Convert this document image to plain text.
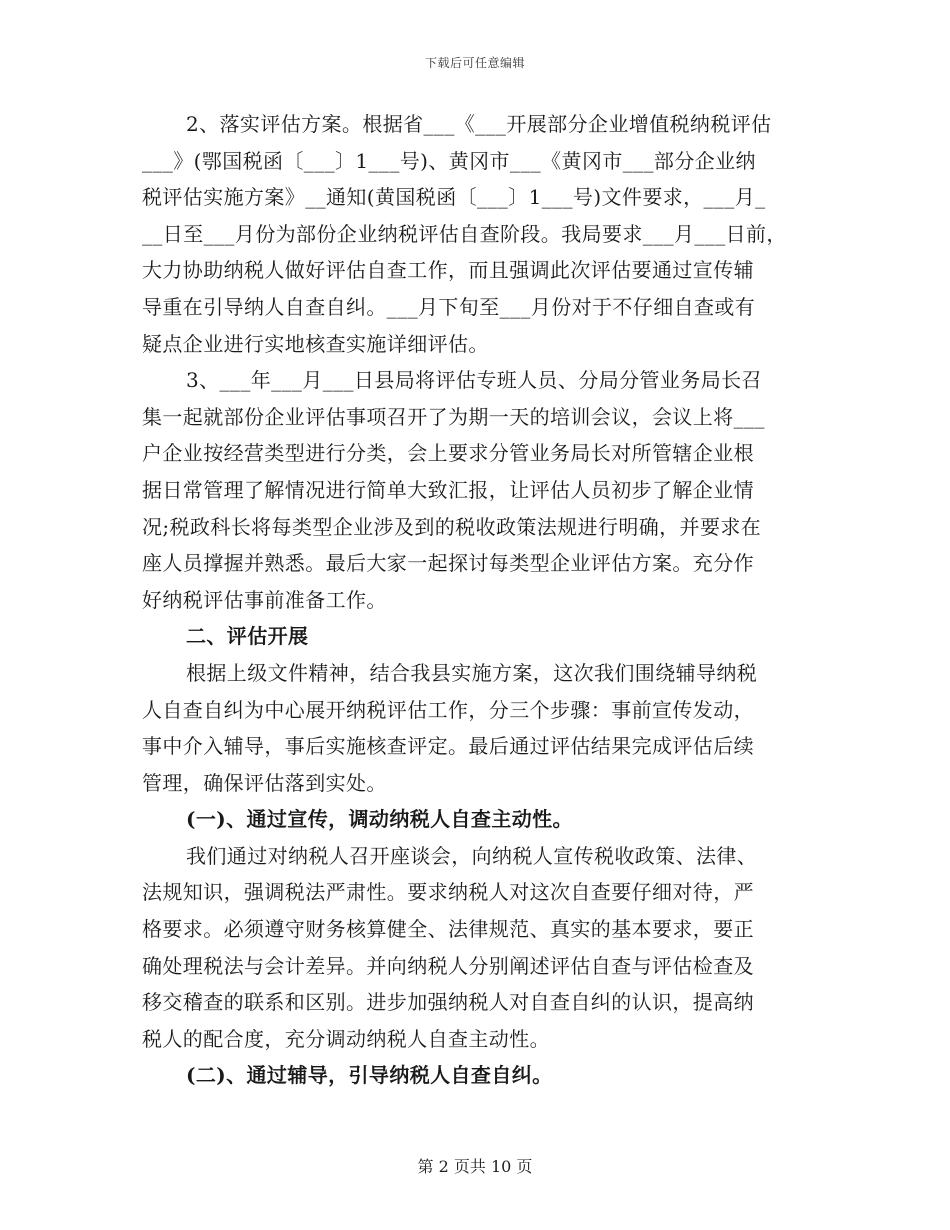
下载后可任意编辑
2、落实评估方案。根据省___《___开展部分企业增值税纳税评估
___》(鄂国税函〔___〕1___号)、黄冈市___《黄冈市___部分企业纳
税评估实施方案》__通知(黄国税函〔___〕1___号)文件要求，___月_
__日至___月份为部份企业纳税评估自查阶段。我局要求___月___日前，
大力协助纳税人做好评估自查工作，而且强调此次评估要通过宣传辅
导重在引导纳人自查自纠。___月下旬至___月份对于不仔细自查或有
疑点企业进行实地核查实施详细评估。
3、___年___月___日县局将评估专班人员、分局分管业务局长召
集一起就部份企业评估事项召开了为期一天的培训会议，会议上将___
户企业按经营类型进行分类，会上要求分管业务局长对所管辖企业根
据日常管理了解情况进行简单大致汇报，让评估人员初步了解企业情
况;税政科长将每类型企业涉及到的税收政策法规进行明确，并要求在
座人员撑握并熟悉。最后大家一起探讨每类型企业评估方案。充分作
好纳税评估事前准备工作。
二、评估开展
根据上级文件精神，结合我县实施方案，这次我们围绕辅导纳税
人自查自纠为中心展开纳税评估工作，分三个步骤：事前宣传发动，
事中介入辅导，事后实施核查评定。最后通过评估结果完成评估后续
管理，确保评估落到实处。
(一)、通过宣传，调动纳税人自查主动性。
我们通过对纳税人召开座谈会，向纳税人宣传税收政策、法律、
法规知识，强调税法严肃性。要求纳税人对这次自查要仔细对待，严
格要求。必须遵守财务核算健全、法律规范、真实的基本要求，要正
确处理税法与会计差异。并向纳税人分别阐述评估自查与评估检查及
移交稽查的联系和区别。进步加强纳税人对自查自纠的认识，提高纳
税人的配合度，充分调动纳税人自查主动性。
(二)、通过辅导，引导纳税人自查自纠。
第 2 页共 10 页
